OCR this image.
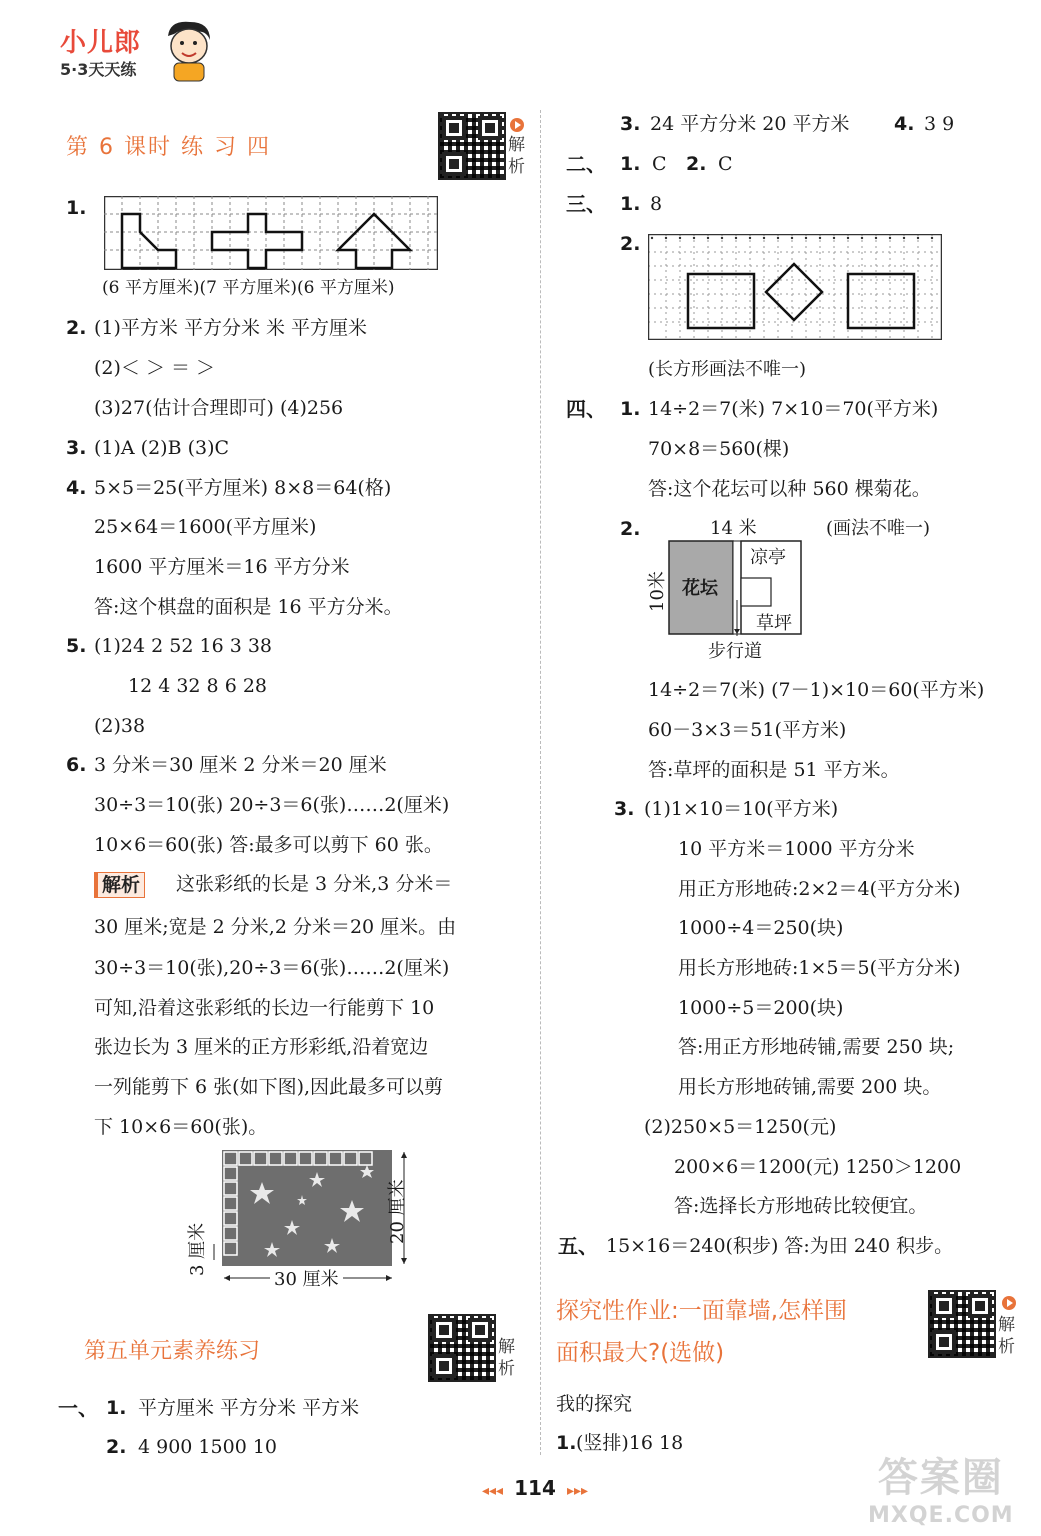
小儿郎
5·3天天练
第 6 课时 练 习 四	解析
1.
(6 平方厘米)(7 平方厘米)(6 平方厘米)
2. (1)平方米 平方分米 米 平方厘米
(2)＜ ＞ ＝ ＞
(3)27(估计合理即可) (4)256
3. (1)A (2)B (3)C
4. 5×5＝25(平方厘米) 8×8＝64(格)
25×64＝1600(平方厘米)
1600 平方厘米＝16 平方分米
答:这个棋盘的面积是 16 平方分米。
5. (1)24 2 52 16 3 38
12 4 32 8 6 28
(2)38
6. 3 分米＝30 厘米 2 分米＝20 厘米
30÷3＝10(张) 20÷3＝6(张)……2(厘米)
10×6＝60(张) 答:最多可以剪下 60 张。
解析 这张彩纸的长是 3 分米,3 分米＝
30 厘米;宽是 2 分米,2 分米＝20 厘米。由
30÷3＝10(张),20÷3＝6(张)……2(厘米)
可知,沿着这张彩纸的长边一行能剪下 10
张边长为 3 厘米的正方形彩纸,沿着宽边
一列能剪下 6 张(如下图),因此最多可以剪
下 10×6＝60(张)。
30 厘米
20 厘米
3 厘米
第五单元素养练习	解析
一、 1. 平方厘米 平方分米 平方米
2. 4 900 1500 10
3. 24 平方分米 20 平方米 4. 3 9
二、 1. C 2. C
三、 1. 8
2.
(长方形画法不唯一)
四、 1. 14÷2＝7(米) 7×10＝70(平方米)
70×8＝560(棵)
答:这个花坛可以种 560 棵菊花。
2.	14 米	(画法不唯一)
10米 花坛
凉亭
草坪
步行道
14÷2＝7(米) (7－1)×10＝60(平方米)
60－3×3＝51(平方米)
答:草坪的面积是 51 平方米。
3. (1)1×10＝10(平方米)
10 平方米＝1000 平方分米
用正方形地砖:2×2＝4(平方分米)
1000÷4＝250(块)
用长方形地砖:1×5＝5(平方分米)
1000÷5＝200(块)
答:用正方形地砖铺,需要 250 块;
用长方形地砖铺,需要 200 块。
(2)250×5＝1250(元)
200×6＝1200(元) 1250＞1200
答:选择长方形地砖比较便宜。
五、 15×16＝240(积步) 答:为田 240 积步。
探究性作业:一面靠墙,怎样围
面积最大?(选做)
解析
我的探究
1. (竖排)16 18
◂◂◂ 114 ▸▸▸	答案圈
MXQE.COM
